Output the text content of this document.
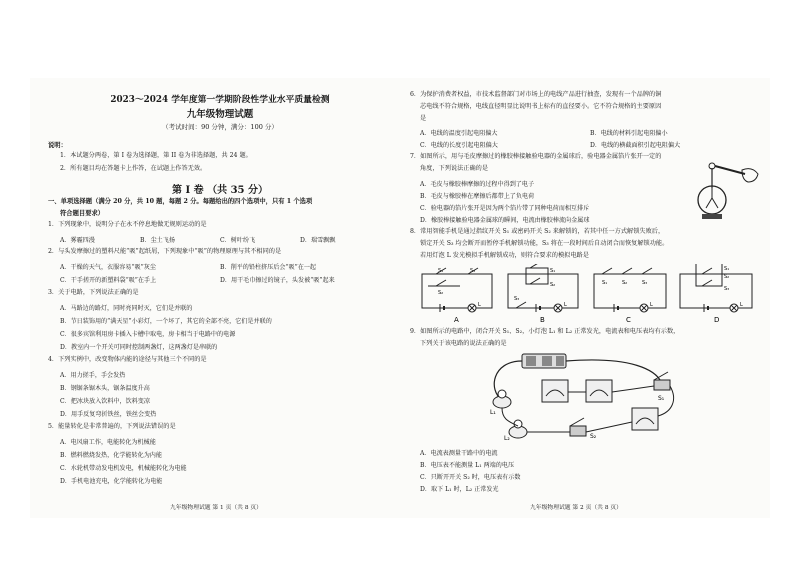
2023～2024 学年度第一学期阶段性学业水平质量检测
九年级物理试题
（考试时间：90 分钟，满分：100 分）
说明：
1．本试题分两卷，第 I 卷为选择题，第 II 卷为非选择题，共 24 题。
2．所有题目均在答题卡上作答，在试题上作答无效。
第 I 卷 （共 35 分）
一、单项选择题（满分 20 分，共 10 题，每题 2 分。每题给出的四个选项中，只有 1 个选项
符合题目要求）
1．下列现象中，说明分子在永不停息地做无规则运动的是
A．雾霾四漫	B．尘土飞扬	C．树叶纷飞	D．瑞雪飘飘
2．与头发摩擦过的塑料尺能“吸”起纸屑，下列现象中“吸”的物理原理与其不相同的是
A．干燥的天气，衣服容易“吸”灰尘	B．削平的铅柱挤压后会“吸”在一起
C．干手搓开的新塑料袋“吸”在手上	D．用干毛巾擦过的镜子，头发被“吸”起来
3．关于电路，下列说法正确的是
A．马路边的路灯，同时亮同时灭，它们是并联的
B．节日装饰用的“满天星”小彩灯，一个坏了，其它的全部不亮，它们是并联的
C．很多宾馆利用房卡插入卡槽中取电，房卡相当于电路中的电源
D．教室内一个开关可同时控制两盏灯，这两盏灯是串联的
4．下列实例中，改变物体内能的途径与其他三个不同的是
A．用力搓手，手会发热
B．钢锯条锯木头，锯条温度升高
C．把冰块放入饮料中，饮料变凉
D．用手反复弯折铁丝，铁丝会变热
5．能量转化是非常普遍的，下列说法错误的是
A．电风扇工作，电能转化为机械能
B．燃料燃烧发热，化学能转化为内能
C．水轮机带动发电机发电，机械能转化为电能
D．手机电池充电，化学能转化为电能
九年级物理试题 第 1 页（共 8 页）
6．为保护消费者权益，市技术监督部门对市场上的电线产品进行抽查，发现有一个品牌的铜
芯电线不符合规格，电线直径明显比说明书上标有的直径要小。它不符合规格的主要原因
是
A．电线的温度引起电阻偏大	B．电线的材料引起电阻偏小
C．电线的长度引起电阻偏大	D．电线的横截面积引起电阻偏大
7．如图所示，用与毛皮摩擦过的橡胶棒接触验电器的金属球后，验电器金属箔片张开一定的
角度，下列说法正确的是
A．毛皮与橡胶棒摩擦的过程中得到了电子
B．毛皮与橡胶棒在摩擦后都带上了负电荷
C．验电器的箔片张开是因为两个箔片带了同种电荷而相互排斥
D．橡胶棒接触验电器金属球的瞬间，电流由橡胶棒流向金属球
8．常用智能手机是通过指纹开关 S₁ 或密码开关 S₂ 来解锁的，若其中任一方式解锁失败后，
锁定开关 S₃ 均会断开而暂停手机解锁功能，S₃ 将在一段时间后自动闭合而恢复解锁功能。
若用灯泡 L 发光模拟手机解锁成功，则符合要求的模拟电路是
A
S₁
S₂
S₃
L
B
S₁
S₂
S₃
L
C
S₁	S₂	S₃
L
D
S₁
S₂
S₃
L
9．如图所示的电路中，闭合开关 S₁、S₂，小灯泡 L₁ 和 L₂ 正常发光，电流表和电压表均有示数，
下列关于该电路的说法正确的是
L₁
S₁
L₂	S₂
A．电流表测量干路中的电流
B．电压表不能测量 L₁ 两端的电压
C．只断开开关 S₂ 时，电压表有示数
D．取下 L₁ 时，L₂ 正常发光
九年级物理试题 第 2 页（共 8 页）
